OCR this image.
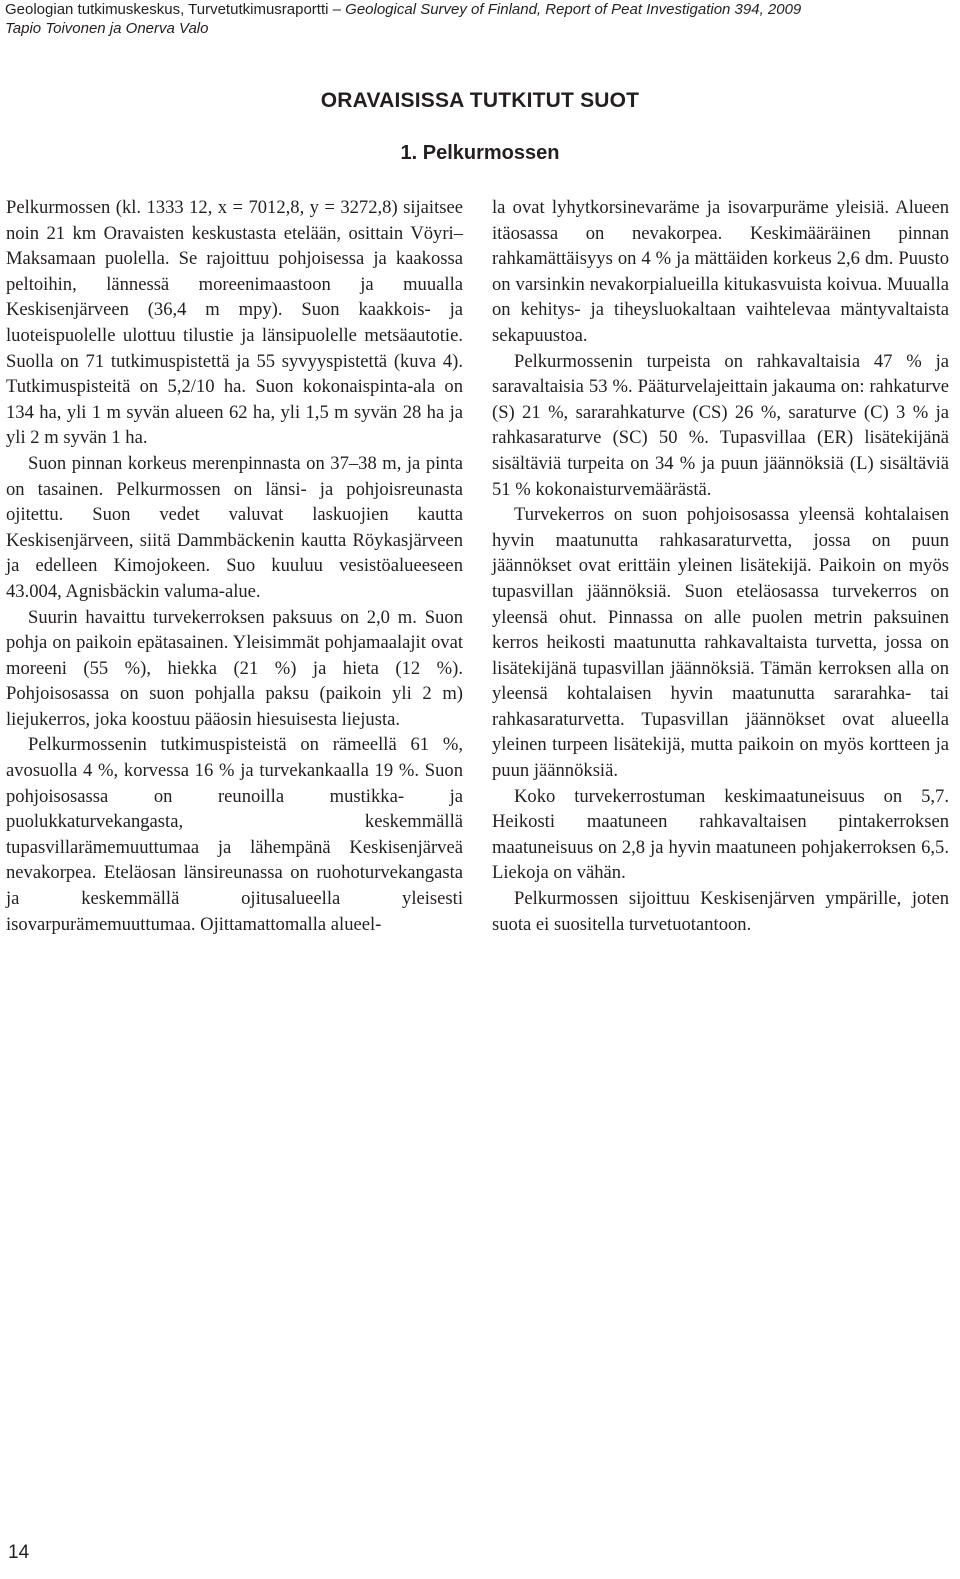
Geologian tutkimuskeskus, Turvetutkimusraportti – Geological Survey of Finland, Report of Peat Investigation 394, 2009
Tapio Toivonen ja Onerva Valo
ORAVAISISSA TUTKITUT SUOT
1. Pelkurmossen

Pelkurmossen (kl. 1333 12, x = 7012,8, y = 3272,8) sijaitsee noin 21 km Oravaisten keskustasta etelään, osittain Vöyri–Maksamaan puolella. Se rajoittuu pohjoisessa ja kaakossa peltoihin, lännessä moreenimaastoon ja muualla Keskisenjärveen (36,4 m mpy). Suon kaakkois- ja luoteispuolelle ulottuu tilustie ja länsipuolelle metsäautotie. Suolla on 71 tutkimuspistettä ja 55 syvyyspistettä (kuva 4). Tutkimuspisteitä on 5,2/10 ha. Suon kokonaispinta-ala on 134 ha, yli 1 m syvän alueen 62 ha, yli 1,5 m syvän 28 ha ja yli 2 m syvän 1 ha.

Suon pinnan korkeus merenpinnasta on 37–38 m, ja pinta on tasainen. Pelkurmossen on länsi- ja pohjoisreunasta ojitettu. Suon vedet valuvat laskuojien kautta Keskisenjärveen, siitä Dammbäckenin kautta Röykasjärveen ja edelleen Kimojokeen. Suo kuuluu vesistöalueeseen 43.004, Agnisbäckin valuma-alue.

Suurin havaittu turvekerroksen paksuus on 2,0 m. Suon pohja on paikoin epätasainen. Yleisimmät pohjamaalajit ovat moreeni (55 %), hiekka (21 %) ja hieta (12 %). Pohjoisosassa on suon pohjalla paksu (paikoin yli 2 m) liejukerros, joka koostuu pääosin hiesuisesta liejusta.

Pelkurmossenin tutkimuspisteistä on rämeellä 61 %, avosuolla 4 %, korvessa 16 % ja turvekankaalla 19 %. Suon pohjoisosassa on reunoilla mustikka- ja puolukkaturvekangasta, keskemmällä tupasvillarämemuuttumaa ja lähempänä Keskisenjärveä nevakorpea. Eteläosan länsireunassa on ruohoturvekangasta ja keskemmällä ojitusalueella yleisesti isovarpurämemuuttumaa. Ojittamattomalla alueel-

la ovat lyhytkorsinevaräme ja isovarpuräme yleisiä. Alueen itäosassa on nevakorpea. Keskimääräinen pinnan rahkamättäisyys on 4 % ja mättäiden korkeus 2,6 dm. Puusto on varsinkin nevakorpialueilla kitukasvuista koivua. Muualla on kehitys- ja tiheysluokaltaan vaihtelevaa mäntyvaltaista sekapuustoa.

Pelkurmossenin turpeista on rahkavaltaisia 47 % ja saravaltaisia 53 %. Pääturvelajeittain jakauma on: rahkaturve (S) 21 %, sararahkaturve (CS) 26 %, saraturve (C) 3 % ja rahkasaraturve (SC) 50 %. Tupasvillaa (ER) lisätekijänä sisältäviä turpeita on 34 % ja puun jäännöksiä (L) sisältäviä 51 % kokonaisturvemäärästä.

Turvekerros on suon pohjoisosassa yleensä kohtalaisen hyvin maatunutta rahkasaraturvetta, jossa on puun jäännökset ovat erittäin yleinen lisätekijä. Paikoin on myös tupasvillan jäännöksiä. Suon eteläosassa turvekerros on yleensä ohut. Pinnassa on alle puolen metrin paksuinen kerros heikosti maatunutta rahkavaltaista turvetta, jossa on lisätekijänä tupasvillan jäännöksiä. Tämän kerroksen alla on yleensä kohtalaisen hyvin maatunutta sararahka- tai rahkasaraturvetta. Tupasvillan jäännökset ovat alueella yleinen turpeen lisätekijä, mutta paikoin on myös kortteen ja puun jäännöksiä.

Koko turvekerrostuman keskimaatuneisuus on 5,7. Heikosti maatuneen rahkavaltaisen pintakerroksen maatuneisuus on 2,8 ja hyvin maatuneen pohjakerroksen 6,5. Liekoja on vähän.

Pelkurmossen sijoittuu Keskisenjärven ympärille, joten suota ei suositella turvetuotantoon.

14
